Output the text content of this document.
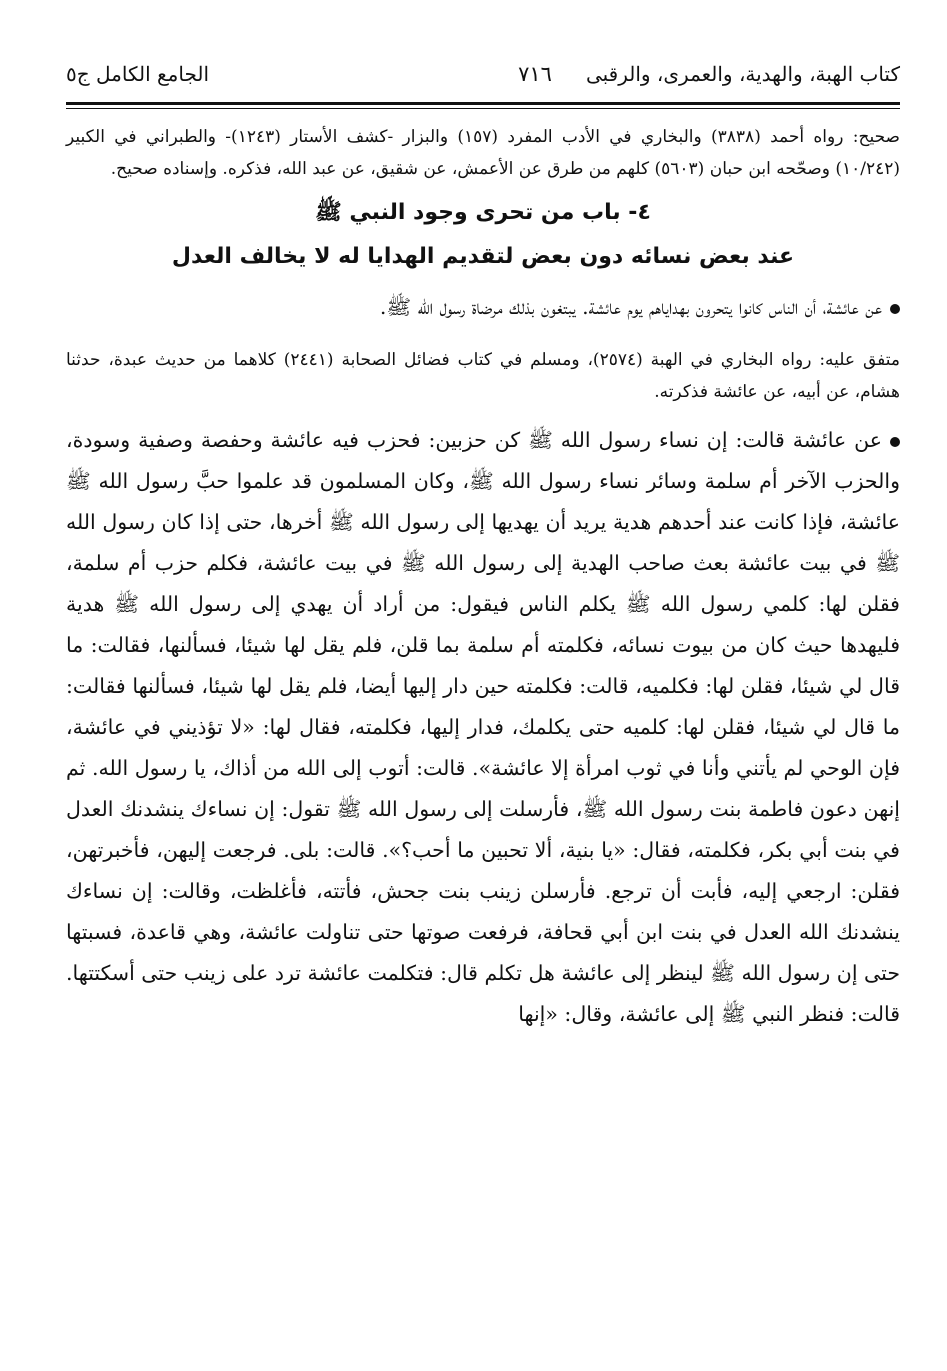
كتاب الهبة، والهدية، والعمرى، والرقبى
٧١٦
الجامع الكامل ج٥

صحيح: رواه أحمد (٣٨٣٨) والبخاري في الأدب المفرد (١٥٧) والبزار -كشف الأستار (١٢٤٣)- والطبراني في الكبير (١٠/٢٤٢) وصحّحه ابن حبان (٥٦٠٣) كلهم من طرق عن الأعمش، عن شقيق، عن عبد الله، فذكره. وإسناده صحيح.

٤- باب من تحرى وجود النبي ﷺ
عند بعض نسائه دون بعض لتقديم الهدايا له لا يخالف العدل

عن عائشة، أن الناس كانوا يتحرون بهداياهم يوم عائشة. يبتغون بذلك مرضاة رسول الله ﷺ.

متفق عليه: رواه البخاري في الهبة (٢٥٧٤)، ومسلم في كتاب فضائل الصحابة (٢٤٤١) كلاهما من حديث عبدة، حدثنا هشام، عن أبيه، عن عائشة فذكرته.

عن عائشة قالت: إن نساء رسول الله ﷺ كن حزبين: فحزب فيه عائشة وحفصة وصفية وسودة، والحزب الآخر أم سلمة وسائر نساء رسول الله ﷺ، وكان المسلمون قد علموا حبَّ رسول الله ﷺ عائشة، فإذا كانت عند أحدهم هدية يريد أن يهديها إلى رسول الله ﷺ أخرها، حتى إذا كان رسول الله ﷺ في بيت عائشة بعث صاحب الهدية إلى رسول الله ﷺ في بيت عائشة، فكلم حزب أم سلمة، فقلن لها: كلمي رسول الله ﷺ يكلم الناس فيقول: من أراد أن يهدي إلى رسول الله ﷺ هدية فليهدها حيث كان من بيوت نسائه، فكلمته أم سلمة بما قلن، فلم يقل لها شيئا، فسألنها، فقالت: ما قال لي شيئا، فقلن لها: فكلميه، قالت: فكلمته حين دار إليها أيضا، فلم يقل لها شيئا، فسألنها فقالت: ما قال لي شيئا، فقلن لها: كلميه حتى يكلمك، فدار إليها، فكلمته، فقال لها: «لا تؤذيني في عائشة، فإن الوحي لم يأتني وأنا في ثوب امرأة إلا عائشة». قالت: أتوب إلى الله من أذاك، يا رسول الله. ثم إنهن دعون فاطمة بنت رسول الله ﷺ، فأرسلت إلى رسول الله ﷺ تقول: إن نساءك ينشدنك العدل في بنت أبي بكر، فكلمته، فقال: «يا بنية، ألا تحبين ما أحب؟». قالت: بلى. فرجعت إليهن، فأخبرتهن، فقلن: ارجعي إليه، فأبت أن ترجع. فأرسلن زينب بنت جحش، فأتته، فأغلظت، وقالت: إن نساءك ينشدنك الله العدل في بنت ابن أبي قحافة، فرفعت صوتها حتى تناولت عائشة، وهي قاعدة، فسبتها حتى إن رسول الله ﷺ لينظر إلى عائشة هل تكلم قال: فتكلمت عائشة ترد على زينب حتى أسكتتها. قالت: فنظر النبي ﷺ إلى عائشة، وقال: «إنها
